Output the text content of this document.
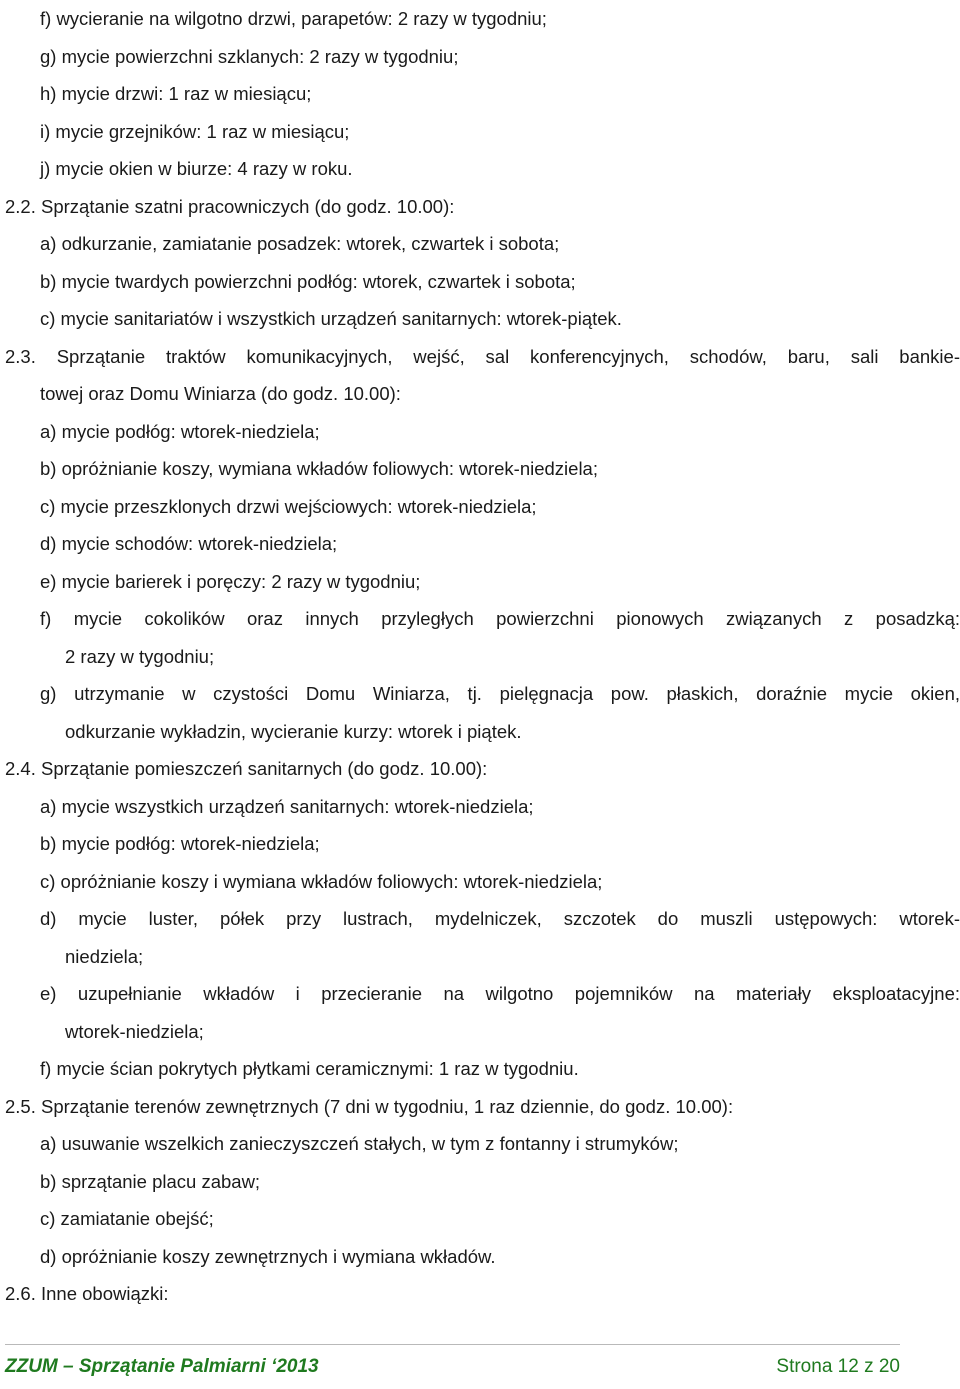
f) wycieranie na wilgotno drzwi, parapetów: 2 razy w tygodniu;
g) mycie powierzchni szklanych: 2 razy w tygodniu;
h) mycie drzwi: 1 raz w miesiącu;
i) mycie grzejników: 1 raz w miesiącu;
j) mycie okien w biurze: 4 razy w roku.
2.2. Sprzątanie szatni pracowniczych (do godz. 10.00):
a) odkurzanie, zamiatanie posadzek: wtorek, czwartek i sobota;
b) mycie twardych powierzchni podłóg: wtorek, czwartek i sobota;
c) mycie sanitariatów i wszystkich urządzeń sanitarnych: wtorek-piątek.
2.3. Sprzątanie traktów komunikacyjnych, wejść, sal konferencyjnych, schodów, baru, sali bankie-
towej oraz Domu Winiarza (do godz. 10.00):
a) mycie podłóg: wtorek-niedziela;
b) opróżnianie koszy, wymiana wkładów foliowych: wtorek-niedziela;
c) mycie przeszklonych drzwi wejściowych: wtorek-niedziela;
d) mycie schodów: wtorek-niedziela;
e) mycie barierek i poręczy: 2 razy w tygodniu;
f) mycie cokolików oraz innych przyległych powierzchni pionowych związanych z posadzką:
2 razy w tygodniu;
g) utrzymanie w czystości Domu Winiarza, tj. pielęgnacja pow. płaskich, doraźnie mycie okien,
odkurzanie wykładzin, wycieranie kurzy: wtorek i piątek.
2.4. Sprzątanie pomieszczeń sanitarnych (do godz. 10.00):
a) mycie wszystkich urządzeń sanitarnych: wtorek-niedziela;
b) mycie podłóg: wtorek-niedziela;
c) opróżnianie koszy i wymiana wkładów foliowych: wtorek-niedziela;
d) mycie luster, półek przy lustrach, mydelniczek, szczotek do muszli ustępowych: wtorek-
niedziela;
e) uzupełnianie wkładów i przecieranie na wilgotno pojemników na materiały eksploatacyjne:
wtorek-niedziela;
f) mycie ścian pokrytych płytkami ceramicznymi: 1 raz w tygodniu.
2.5. Sprzątanie terenów zewnętrznych (7 dni w tygodniu, 1 raz dziennie, do godz. 10.00):
a) usuwanie wszelkich zanieczyszczeń stałych, w tym z fontanny i strumyków;
b) sprzątanie placu zabaw;
c) zamiatanie obejść;
d) opróżnianie koszy zewnętrznych i wymiana wkładów.
2.6. Inne obowiązki:
ZZUM – Sprzątanie Palmiarni ‘2013	Strona 12 z 20
